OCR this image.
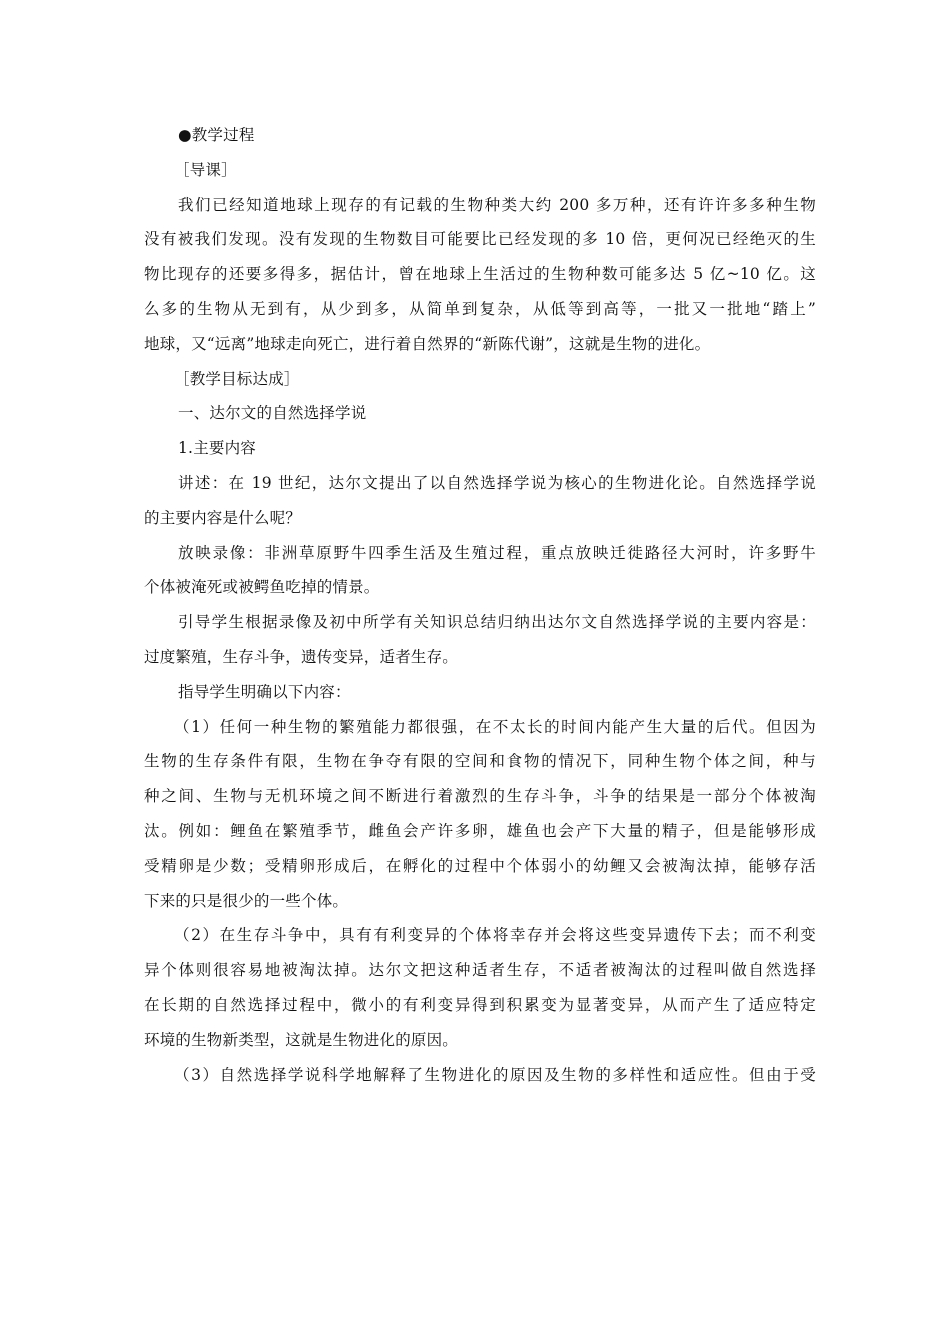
●教学过程
［导课］
我们已经知道地球上现存的有记载的生物种类大约 200 多万种，还有许许多多种生物
没有被我们发现。没有发现的生物数目可能要比已经发现的多 10 倍，更何况已经绝灭的生
物比现存的还要多得多，据估计，曾在地球上生活过的生物种数可能多达 5 亿~10 亿。这
么多的生物从无到有，从少到多，从简单到复杂，从低等到高等，一批又一批地“踏上”
地球，又“远离”地球走向死亡，进行着自然界的“新陈代谢”，这就是生物的进化。
［教学目标达成］
一、达尔文的自然选择学说
1.主要内容
讲述：在 19 世纪，达尔文提出了以自然选择学说为核心的生物进化论。自然选择学说
的主要内容是什么呢？
放映录像：非洲草原野牛四季生活及生殖过程，重点放映迁徙路径大河时，许多野牛
个体被淹死或被鳄鱼吃掉的情景。
引导学生根据录像及初中所学有关知识总结归纳出达尔文自然选择学说的主要内容是：
过度繁殖，生存斗争，遗传变异，适者生存。
指导学生明确以下内容：
（1）任何一种生物的繁殖能力都很强，在不太长的时间内能产生大量的后代。但因为
生物的生存条件有限，生物在争夺有限的空间和食物的情况下，同种生物个体之间，种与
种之间、生物与无机环境之间不断进行着激烈的生存斗争，斗争的结果是一部分个体被淘
汰。例如：鲤鱼在繁殖季节，雌鱼会产许多卵，雄鱼也会产下大量的精子，但是能够形成
受精卵是少数；受精卵形成后，在孵化的过程中个体弱小的幼鲤又会被淘汰掉，能够存活
下来的只是很少的一些个体。
（2）在生存斗争中，具有有利变异的个体将幸存并会将这些变异遗传下去；而不利变
异个体则很容易地被淘汰掉。达尔文把这种适者生存，不适者被淘汰的过程叫做自然选择
在长期的自然选择过程中，微小的有利变异得到积累变为显著变异，从而产生了适应特定
环境的生物新类型，这就是生物进化的原因。
（3）自然选择学说科学地解释了生物进化的原因及生物的多样性和适应性。但由于受
